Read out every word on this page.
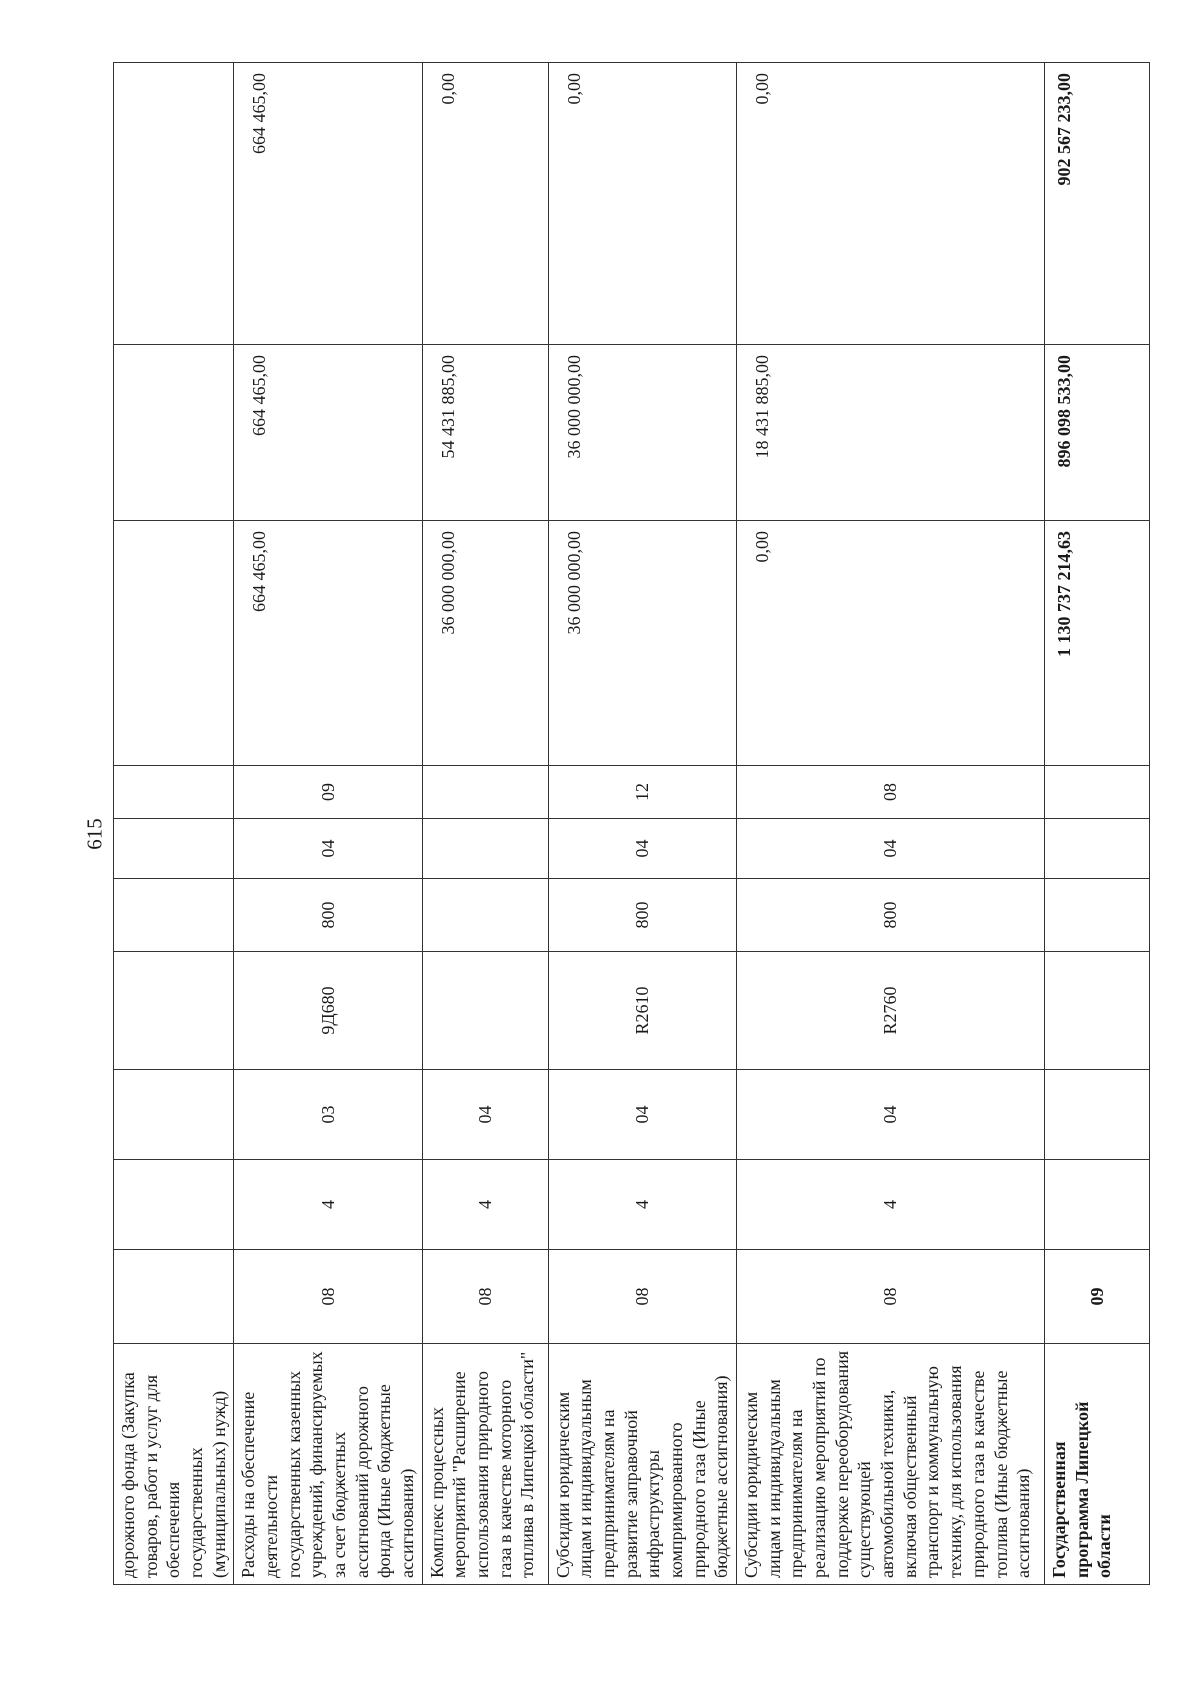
615
дорожного фонда (Закупка товаров, работ и услуг для обеспечения государственных (муниципальных) нужд)										
Расходы на обеспечение деятельности государственных казенных учреждений, финансируемых за счет бюджетных ассигнований дорожного фонда (Иные бюджетные ассигнования)	08	4	03	9Д680	800	04	09	664 465,00	664 465,00	664 465,00
Комплекс процессных мероприятий "Расширение использования природного газа в качестве моторного топлива в Липецкой области"	08	4	04					36 000 000,00	54 431 885,00	0,00
Субсидии юридическим лицам и индивидуальным предпринимателям на развитие заправочной инфраструктуры компримированного природного газа (Иные бюджетные ассигнования)	08	4	04	R2610	800	04	12	36 000 000,00	36 000 000,00	0,00
Субсидии юридическим лицам и индивидуальным предпринимателям на реализацию мероприятий по поддержке переоборудования существующей автомобильной техники, включая общественный транспорт и коммунальную технику, для использования природного газа в качестве топлива (Иные бюджетные ассигнования)	08	4	04	R2760	800	04	08	0,00	18 431 885,00	0,00
Государственная программа Липецкой области	09							1 130 737 214,63	896 098 533,00	902 567 233,00
